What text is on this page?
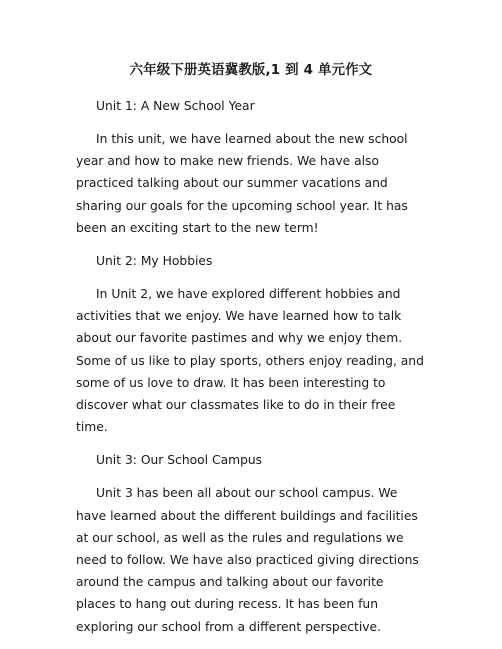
六年级下册英语冀教版,1 到 4 单元作文
Unit 1: A New School Year
In this unit, we have learned about the new school year and how to make new friends. We have also practiced talking about our summer vacations and sharing our goals for the upcoming school year. It has been an exciting start to the new term!
Unit 2: My Hobbies
In Unit 2, we have explored different hobbies and activities that we enjoy. We have learned how to talk about our favorite pastimes and why we enjoy them. Some of us like to play sports, others enjoy reading, and some of us love to draw. It has been interesting to discover what our classmates like to do in their free time.
Unit 3: Our School Campus
Unit 3 has been all about our school campus. We have learned about the different buildings and facilities at our school, as well as the rules and regulations we need to follow. We have also practiced giving directions around the campus and talking about our favorite places to hang out during recess. It has been fun exploring our school from a different perspective.
